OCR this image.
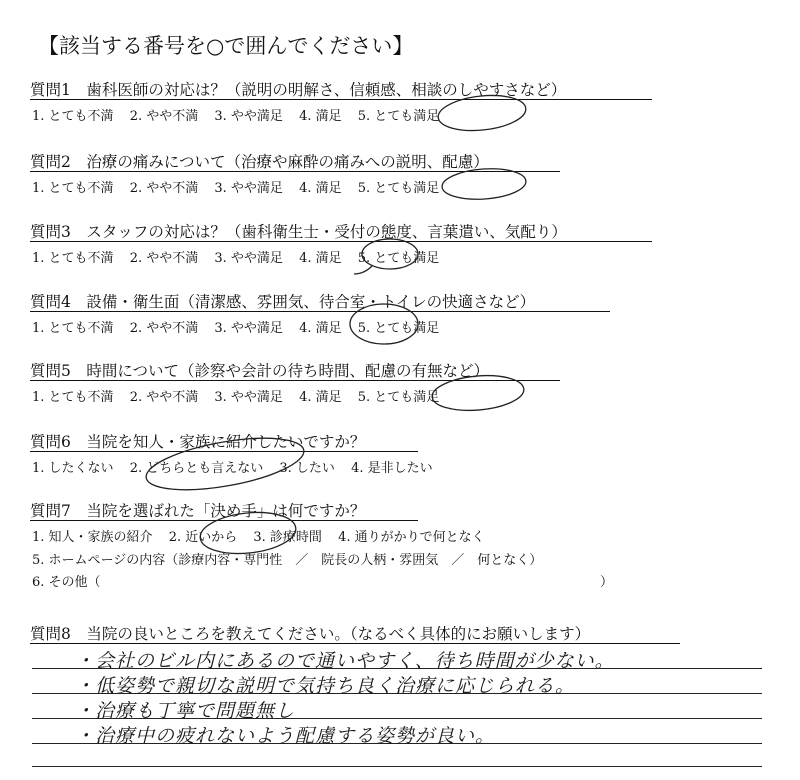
【該当する番号を○で囲んでください】
質問1　歯科医師の対応は？（説明の明解さ、信頼感、相談のしやすさなど）
1. とても不満 2. やや不満 3. やや満足 4. 満足 5. とても満足
質問2　治療の痛みについて（治療や麻酔の痛みへの説明、配慮）
1. とても不満 2. やや不満 3. やや満足 4. 満足 5. とても満足
質問3　スタッフの対応は？（歯科衛生士・受付の態度、言葉遣い、気配り）
1. とても不満 2. やや不満 3. やや満足 4. 満足 5. とても満足
質問4　設備・衛生面（清潔感、雰囲気、待合室・トイレの快適さなど）
1. とても不満 2. やや不満 3. やや満足 4. 満足 5. とても満足
質問5　時間について（診察や会計の待ち時間、配慮の有無など）
1. とても不満 2. やや不満 3. やや満足 4. 満足 5. とても満足
質問6　当院を知人・家族に紹介したいですか？
1. したくない 2. どちらとも言えない 3. したい 4. 是非したい
質問7　当院を選ばれた「決め手」は何ですか？
1. 知人・家族の紹介 2. 近いから 3. 診療時間 4. 通りがかりで何となく
5. ホームページの内容（診療内容・専門性　／　院長の人柄・雰囲気　／　何となく）
6. その他（	）
質問8　当院の良いところを教えてください。（なるべく具体的にお願いします）
・会社のビル内にあるので通いやすく、待ち時間が少ない。
・低姿勢で親切な説明で気持ち良く治療に応じられる。
・治療も丁寧で問題無し
・治療中の疲れないよう配慮する姿勢が良い。
